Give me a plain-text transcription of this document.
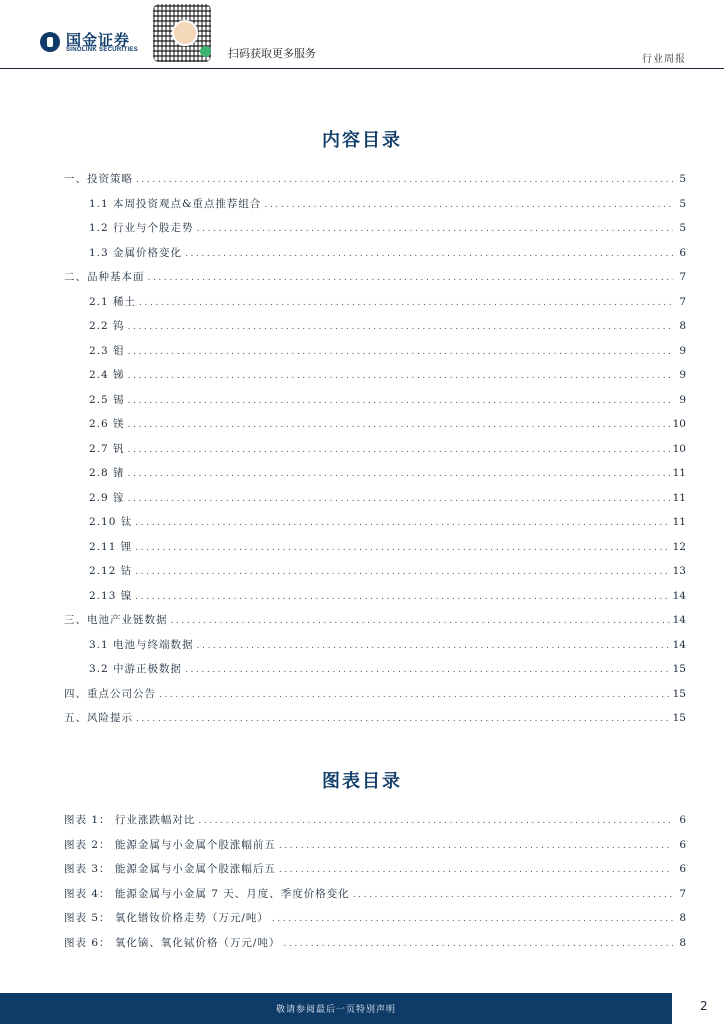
国金证券
SINOLINK SECURITIES	扫码获取更多服务	行业周报
内容目录
一、投资策略 .....	5
1.1 本周投资观点&重点推荐组合 .....	5
1.2 行业与个股走势 .....	5
1.3 金属价格变化 .....	6
二、品种基本面 .....	7
2.1 稀土 .....	7
2.2 钨 .....	8
2.3 钼 .....	9
2.4 锑 .....	9
2.5 锡 .....	9
2.6 镁 .....	10
2.7 钒 .....	10
2.8 锗 .....	11
2.9 镓 .....	11
2.10 钛 .....	11
2.11 锂 .....	12
2.12 钴 .....	13
2.13 镍 .....	14
三、电池产业链数据 .....	14
3.1 电池与终端数据 .....	14
3.2 中游正极数据 .....	15
四、重点公司公告 .....	15
五、风险提示 .....	15
图表目录
图表 1： 行业涨跌幅对比 .....	6
图表 2： 能源金属与小金属个股涨幅前五 .....	6
图表 3： 能源金属与小金属个股涨幅后五 .....	6
图表 4： 能源金属与小金属 7 天、月度、季度价格变化 .....	7
图表 5： 氧化镨钕价格走势（万元/吨） .....	8
图表 6： 氧化镝、氧化铽价格（万元/吨） .....	8
敬请参阅最后一页特别声明	2
